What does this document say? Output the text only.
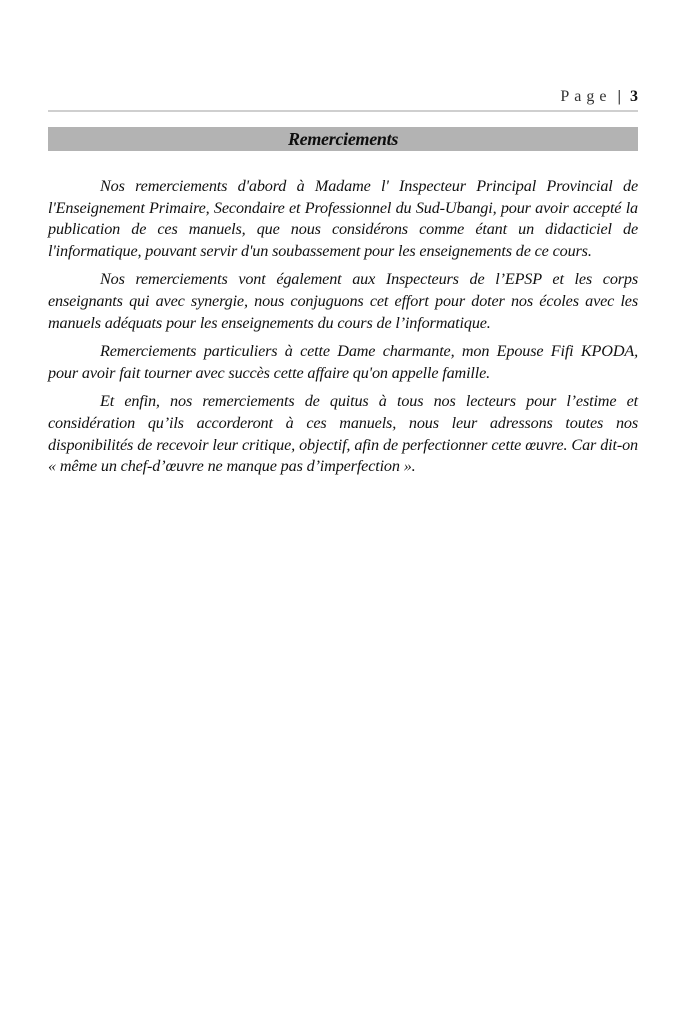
Page | 3
Remerciements

Nos remerciements d'abord à Madame l' Inspecteur Principal Provincial de l'Enseignement Primaire, Secondaire et Professionnel du Sud-Ubangi, pour avoir accepté la publication de ces manuels, que nous considérons comme étant un didacticiel de l'informatique, pouvant servir d'un soubassement pour les enseignements de ce cours.

Nos remerciements vont également aux Inspecteurs de l’EPSP et les corps enseignants qui avec synergie, nous conjuguons cet effort pour doter nos écoles avec les manuels adéquats pour les enseignements du cours de l’informatique.

Remerciements particuliers à cette Dame charmante, mon Epouse Fifi KPODA, pour avoir fait tourner avec succès cette affaire qu'on appelle famille.

Et enfin, nos remerciements de quitus à tous nos lecteurs pour l’estime et considération qu’ils accorderont à ces manuels, nous leur adressons toutes nos disponibilités de recevoir leur critique, objectif, afin de perfectionner cette œuvre. Car dit-on « même un chef-d’œuvre ne manque pas d’imperfection ».
